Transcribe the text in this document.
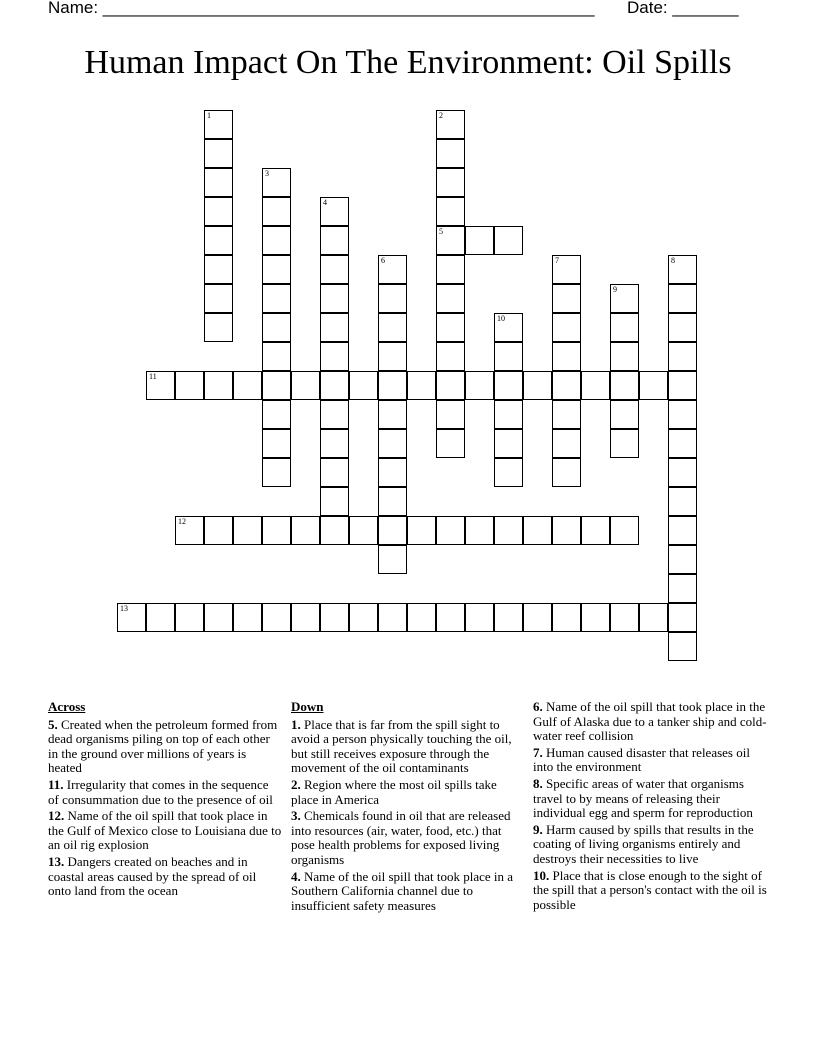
Name: ____________________________________________________ Date: _______
Human Impact On The Environment: Oil Spills
1	2
5
3
4
6	7	8
9
10
11
12
13
Across
5. Created when the petroleum formed from dead organisms piling on top of each other in the ground over millions of years is heated
11. Irregularity that comes in the sequence of consummation due to the presence of oil
12. Name of the oil spill that took place in the Gulf of Mexico close to Louisiana due to an oil rig explosion
13. Dangers created on beaches and in coastal areas caused by the spread of oil onto land from the ocean
Down
1. Place that is far from the spill sight to avoid a person physically touching the oil, but still receives exposure through the movement of the oil contaminants
2. Region where the most oil spills take place in America
3. Chemicals found in oil that are released into resources (air, water, food, etc.) that pose health problems for exposed living organisms
4. Name of the oil spill that took place in a Southern California channel due to insufficient safety measures
6. Name of the oil spill that took place in the Gulf of Alaska due to a tanker ship and cold-water reef collision
7. Human caused disaster that releases oil into the environment
8. Specific areas of water that organisms travel to by means of releasing their individual egg and sperm for reproduction
9. Harm caused by spills that results in the coating of living organisms entirely and destroys their necessities to live
10. Place that is close enough to the sight of the spill that a person's contact with the oil is possible
